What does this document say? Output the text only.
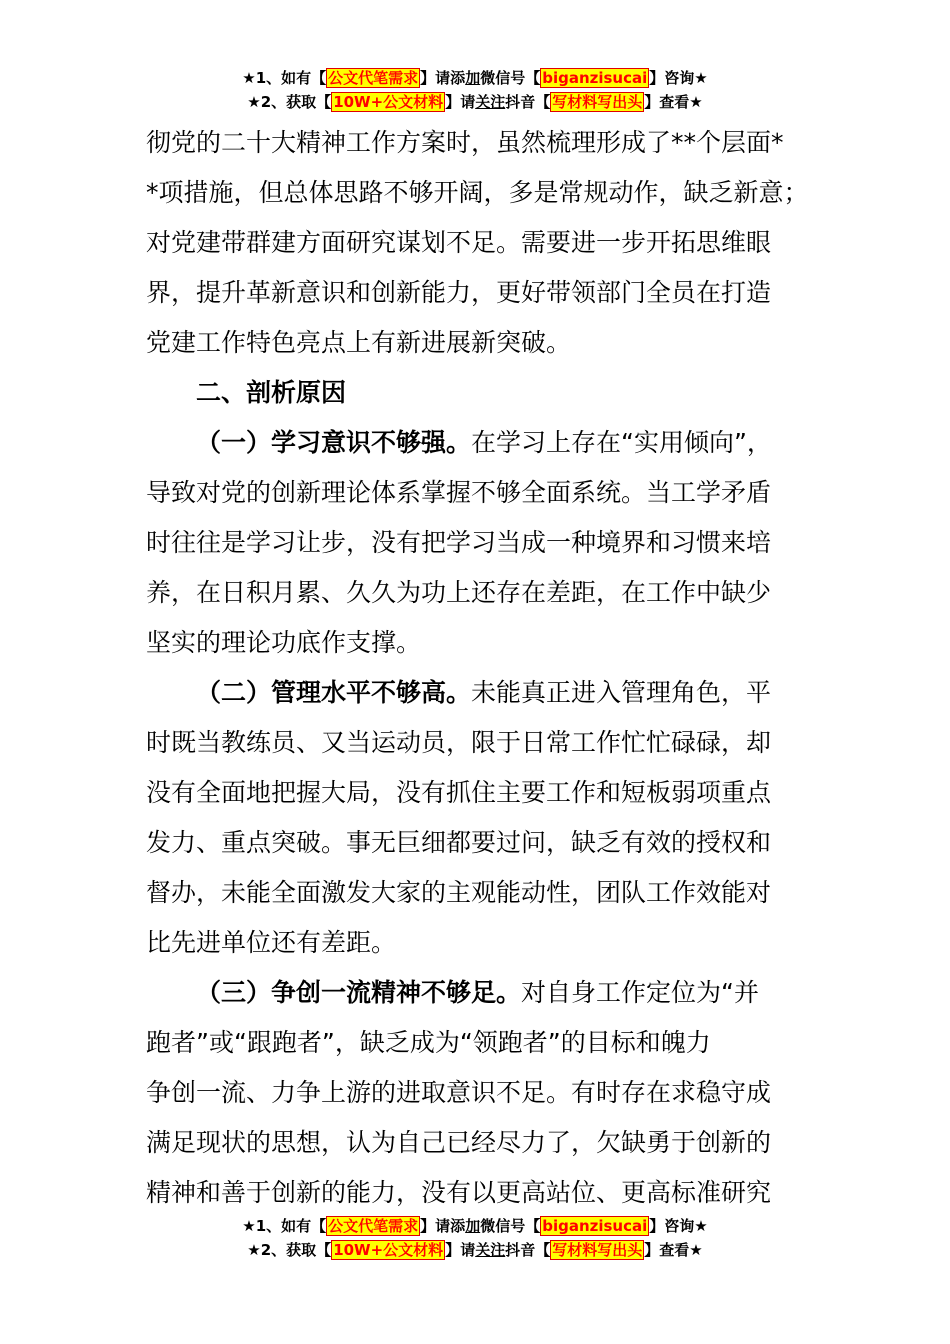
★1、如有【 公文代笔需求 】请添加微信号【 biganzisucai 】咨询★
★2、获取【 10W+公文材料 】请关注抖音【 写材料写出头 】查看★

彻党的二十大精神工作方案时，虽然梳理形成了**个层面*

*项措施，但总体思路不够开阔，多是常规动作，缺乏新意；

对党建带群建方面研究谋划不足。需要进一步开拓思维眼

界，提升革新意识和创新能力，更好带领部门全员在打造

党建工作特色亮点上有新进展新突破。

二、剖析原因

（一）学习意识不够强。在学习上存在“实用倾向”，

导致对党的创新理论体系掌握不够全面系统。当工学矛盾

时往往是学习让步，没有把学习当成一种境界和习惯来培

养，在日积月累、久久为功上还存在差距，在工作中缺少

坚实的理论功底作支撑。

（二）管理水平不够高。未能真正进入管理角色，平

时既当教练员、又当运动员，限于日常工作忙忙碌碌，却

没有全面地把握大局，没有抓住主要工作和短板弱项重点

发力、重点突破。事无巨细都要过问，缺乏有效的授权和

督办，未能全面激发大家的主观能动性，团队工作效能对

比先进单位还有差距。

（三）争创一流精神不够足。对自身工作定位为“并

跑者”或“跟跑者”，缺乏成为“领跑者”的目标和魄力

争创一流、力争上游的进取意识不足。有时存在求稳守成

满足现状的思想，认为自己已经尽力了，欠缺勇于创新的

精神和善于创新的能力，没有以更高站位、更高标准研究

★1、如有【 公文代笔需求 】请添加微信号【 biganzisucai 】咨询★
★2、获取【 10W+公文材料 】请关注抖音【 写材料写出头 】查看★
